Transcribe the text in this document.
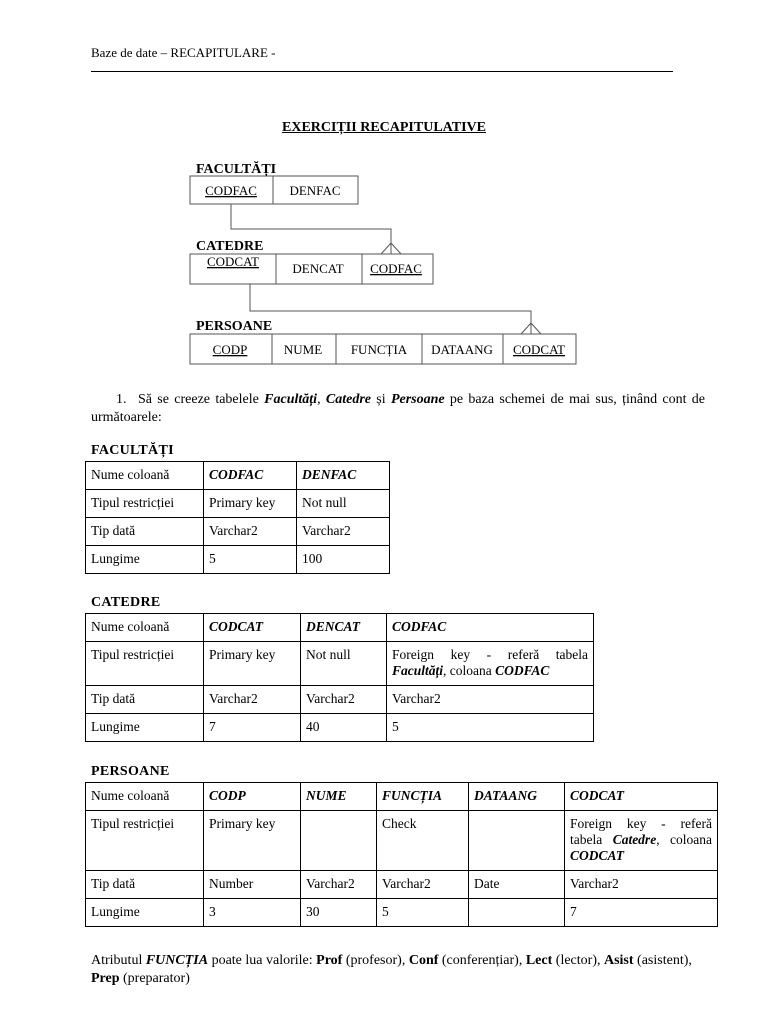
Baze de date – RECAPITULARE -
EXERCIȚII RECAPITULATIVE
FACULTĂȚI
CATEDRE
PERSOANE
CODFAC	DENFAC
CODCAT	DENCAT CODFAC
CODP	NUME FUNCȚIA DATAANG CODCAT
1. Să se creeze tabelele Facultăți, Catedre și Persoane pe baza schemei de mai sus, ținând cont de următoarele:
FACULTĂȚI
Nume coloană	CODFAC	DENFAC
Tipul restricției	Primary key	Not null
Tip dată	Varchar2	Varchar2
Lungime	5	100
CATEDRE
Nume coloană	CODCAT	DENCAT	CODFAC
Tipul restricției	Primary key	Not null	Foreign key - referă tabela Facultăți, coloana CODFAC
Tip dată	Varchar2	Varchar2	Varchar2
Lungime	7	40	5
PERSOANE
Nume coloană	CODP	NUME	FUNCȚIA	DATAANG	CODCAT
Tipul restricției	Primary key		Check		Foreign key - referă tabela Catedre, coloana CODCAT
Tip dată	Number	Varchar2	Varchar2	Date	Varchar2
Lungime	3	30	5		7
Atributul FUNCȚIA poate lua valorile: Prof (profesor), Conf (conferențiar), Lect (lector), Asist (asistent), Prep (preparator)
